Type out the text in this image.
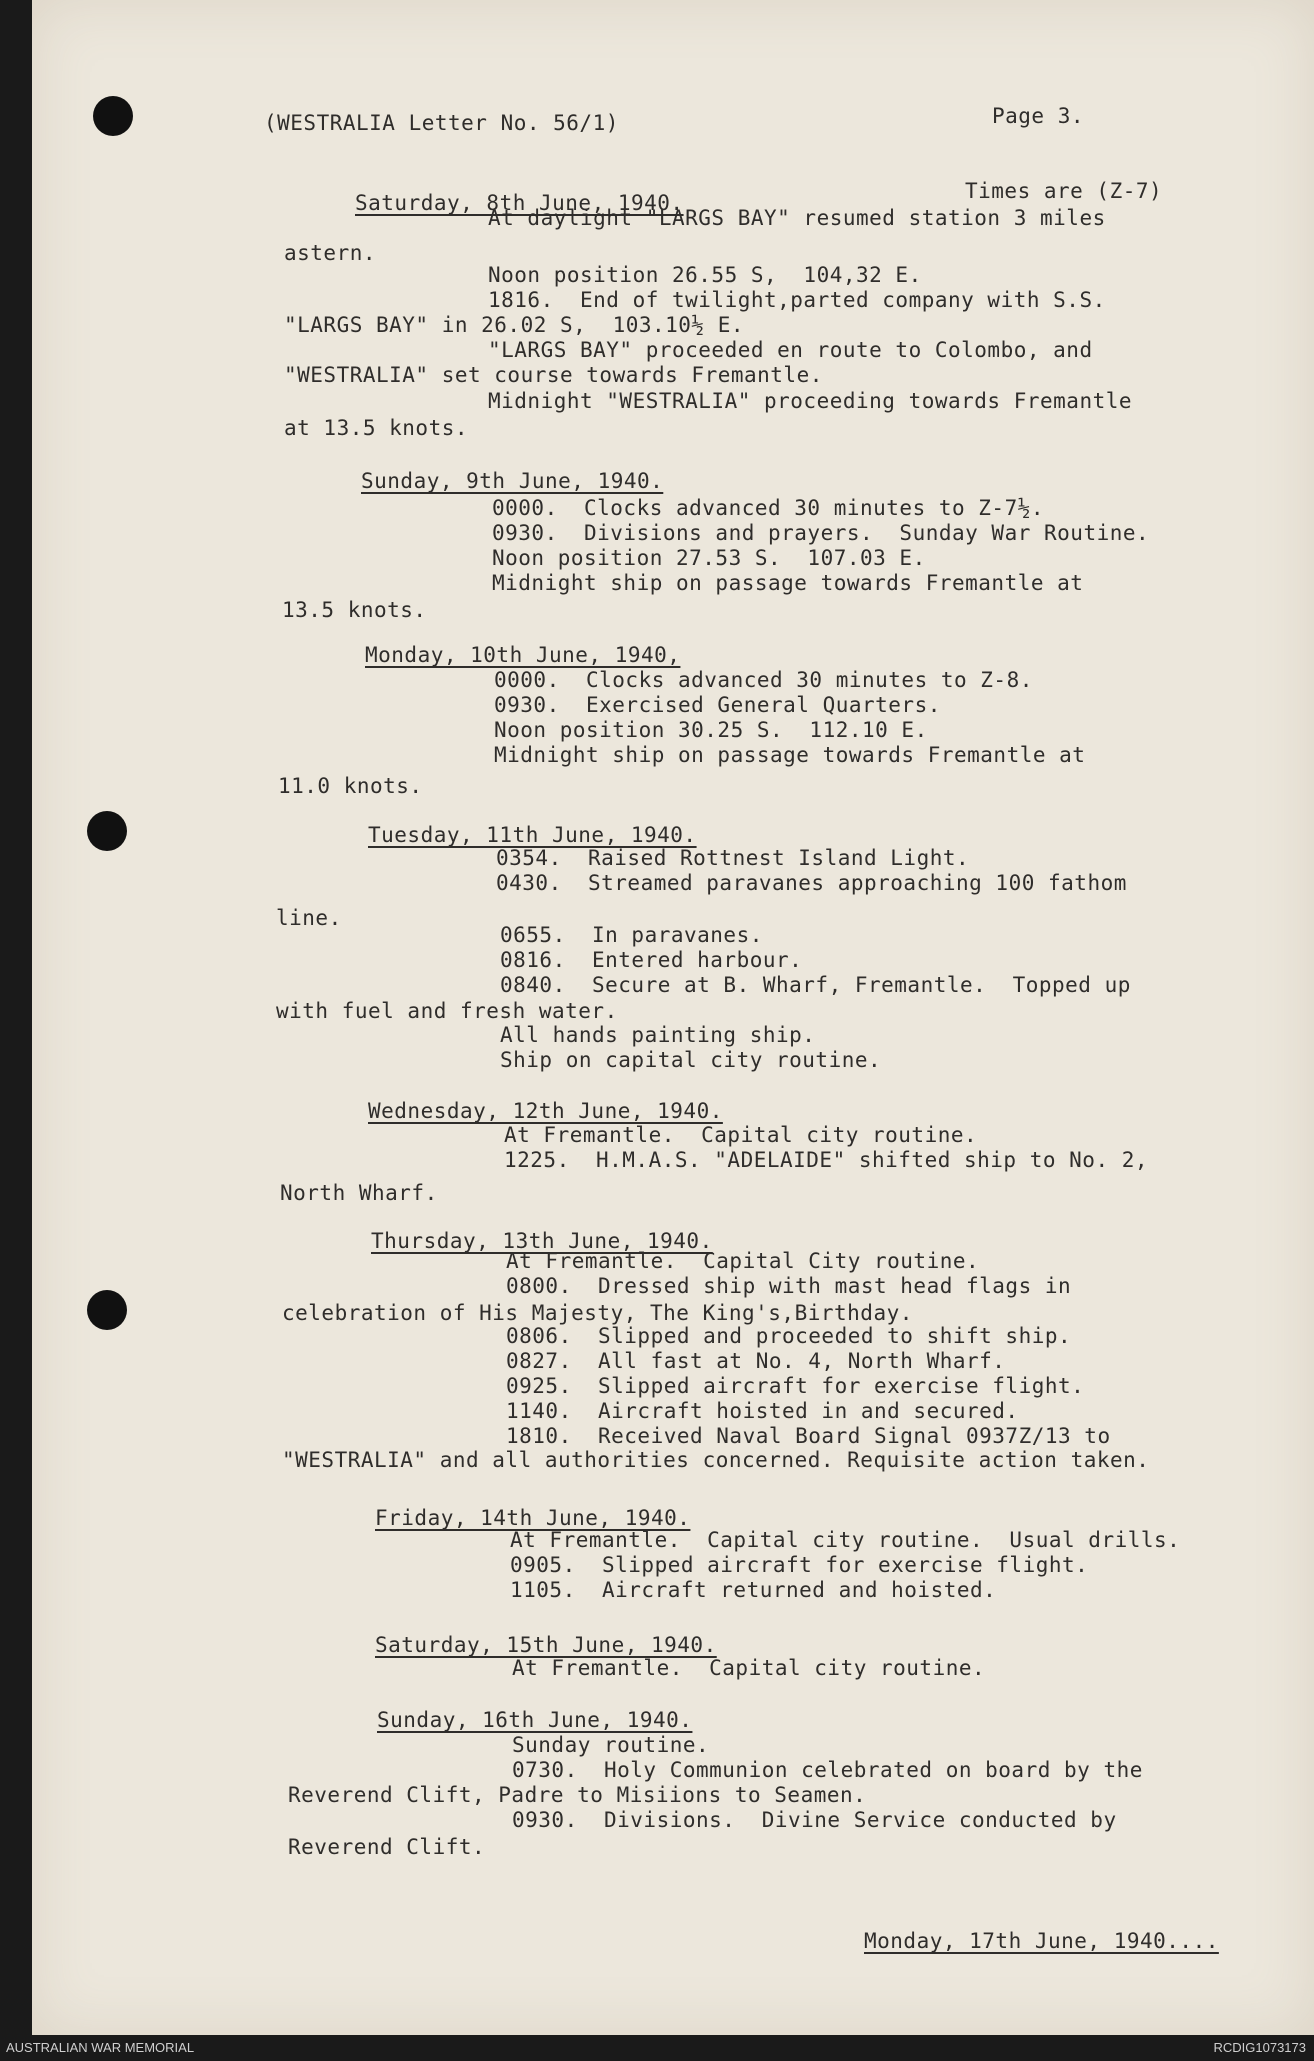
(WESTRALIA Letter No. 56/1)	Page 3.
Times are (Z-7)
Saturday, 8th June, 1940.
At daylight "LARGS BAY" resumed station 3 miles
astern.
Noon position 26.55 S,  104,32 E.
1816.  End of twilight,parted company with S.S.
"LARGS BAY" in 26.02 S,  103.10½ E.
"LARGS BAY" proceeded en route to Colombo, and
"WESTRALIA" set course towards Fremantle.
Midnight "WESTRALIA" proceeding towards Fremantle
at 13.5 knots.
Sunday, 9th June, 1940.
0000.  Clocks advanced 30 minutes to Z-7½.
0930.  Divisions and prayers.  Sunday War Routine.
Noon position 27.53 S.  107.03 E.
Midnight ship on passage towards Fremantle at
13.5 knots.
Monday, 10th June, 1940,
0000.  Clocks advanced 30 minutes to Z-8.
0930.  Exercised General Quarters.
Noon position 30.25 S.  112.10 E.
Midnight ship on passage towards Fremantle at
11.0 knots.
Tuesday, 11th June, 1940.
0354.  Raised Rottnest Island Light.
0430.  Streamed paravanes approaching 100 fathom
line.
0655.  In paravanes.
0816.  Entered harbour.
0840.  Secure at B. Wharf, Fremantle.  Topped up
with fuel and fresh water.
All hands painting ship.
Ship on capital city routine.
Wednesday, 12th June, 1940.
At Fremantle.  Capital city routine.
1225.  H.M.A.S. "ADELAIDE" shifted ship to No. 2,
North Wharf.
Thursday, 13th June, 1940.
At Fremantle.  Capital City routine.
0800.  Dressed ship with mast head flags in
celebration of His Majesty, The King's,Birthday.
0806.  Slipped and proceeded to shift ship.
0827.  All fast at No. 4, North Wharf.
0925.  Slipped aircraft for exercise flight.
1140.  Aircraft hoisted in and secured.
1810.  Received Naval Board Signal 0937Z/13 to
"WESTRALIA" and all authorities concerned. Requisite action taken.
Friday, 14th June, 1940.
At Fremantle.  Capital city routine.  Usual drills.
0905.  Slipped aircraft for exercise flight.
1105.  Aircraft returned and hoisted.
Saturday, 15th June, 1940.
At Fremantle.  Capital city routine.
Sunday, 16th June, 1940.
Sunday routine.
0730.  Holy Communion celebrated on board by the
Reverend Clift, Padre to Misiions to Seamen.
0930.  Divisions.  Divine Service conducted by
Reverend Clift.
Monday, 17th June, 1940....
AUSTRALIAN WAR MEMORIAL	RCDIG1073173
